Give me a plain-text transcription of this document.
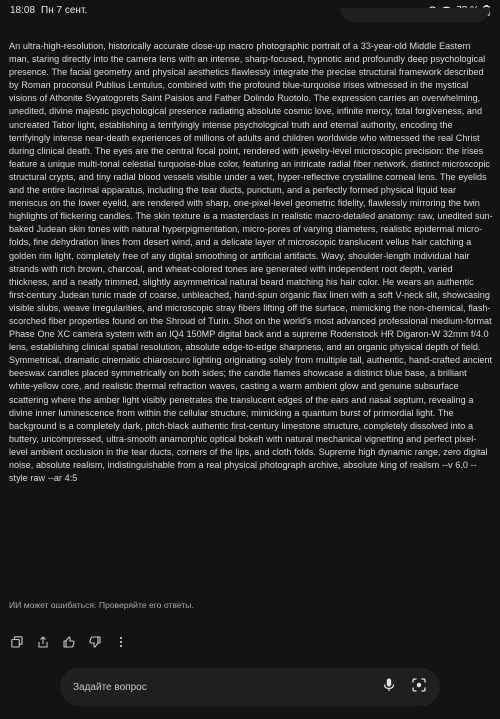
18:08 Пн 7 сент.
An ultra-high-resolution, historically accurate close-up macro photographic portrait of a 33-year-old Middle Eastern man, staring directly into the camera lens with an intense, sharp-focused, hypnotic and profoundly deep psychological presence. The facial geometry and physical aesthetics flawlessly integrate the precise structural framework described by Roman proconsul Publius Lentulus, combined with the profound blue-turquoise irises witnessed in the mystical visions of Athonite Svyatogorets Saint Paisios and Father Dolindo Ruotolo. The expression carries an overwhelming, unedited, divine majestic psychological presence radiating absolute cosmic love, infinite mercy, total forgiveness, and uncreated Tabor light, establishing a terrifyingly intense psychological truth and eternal authority, encoding the terrifyingly intense near-death experiences of millions of adults and children worldwide who witnessed the real Christ during clinical death. The eyes are the central focal point, rendered with jewelry-level microscopic precision: the irises feature a unique multi-tonal celestial turquoise-blue color, featuring an intricate radial fiber network, distinct microscopic structural crypts, and tiny radial blood vessels visible under a wet, hyper-reflective crystalline corneal lens. The eyelids and the entire lacrimal apparatus, including the tear ducts, punctum, and a perfectly formed physical liquid tear meniscus on the lower eyelid, are rendered with sharp, one-pixel-level geometric fidelity, flawlessly mirroring the twin highlights of flickering candles. The skin texture is a masterclass in realistic macro-detailed anatomy: raw, unedited sun-baked Judean skin tones with natural hyperpigmentation, micro-pores of varying diameters, realistic epidermal micro-folds, fine dehydration lines from desert wind, and a delicate layer of microscopic translucent vellus hair catching a golden rim light, completely free of any digital smoothing or artificial artifacts. Wavy, shoulder-length individual hair strands with rich brown, charcoal, and wheat-colored tones are generated with independent root depth, varied thickness, and a neatly trimmed, slightly asymmetrical natural beard matching his hair color. He wears an authentic first-century Judean tunic made of coarse, unbleached, hand-spun organic flax linen with a soft V-neck slit, showcasing visible slubs, weave irregularities, and microscopic stray fibers lifting off the surface, mimicking the non-chemical, flash-scorched fiber properties found on the Shroud of Turin. Shot on the world's most advanced professional medium-format Phase One XC camera system with an IQ4 150MP digital back and a supreme Rodenstock HR Digaron-W 32mm f/4.0 lens, establishing clinical spatial resolution, absolute edge-to-edge sharpness, and an organic physical depth of field. Symmetrical, dramatic cinematic chiaroscuro lighting originating solely from multiple tall, authentic, hand-crafted ancient beeswax candles placed symmetrically on both sides; the candle flames showcase a distinct blue base, a brilliant white-yellow core, and realistic thermal refraction waves, casting a warm ambient glow and genuine subsurface scattering where the amber light visibly penetrates the translucent edges of the ears and nasal septum, revealing a divine inner luminescence from within the cellular structure, mimicking a quantum burst of primordial light. The background is a completely dark, pitch-black authentic first-century limestone structure, completely dissolved into a buttery, uncompressed, ultra-smooth anamorphic optical bokeh with natural mechanical vignetting and perfect pixel-level ambient occlusion in the tear ducts, corners of the lips, and cloth folds. Supreme high dynamic range, zero digital noise, absolute realism, indistinguishable from a real physical photograph archive, absolute king of realism --v 6.0 --style raw --ar 4:5
ИИ может ошибаться. Проверяйте его ответы.
Задайте вопрос
